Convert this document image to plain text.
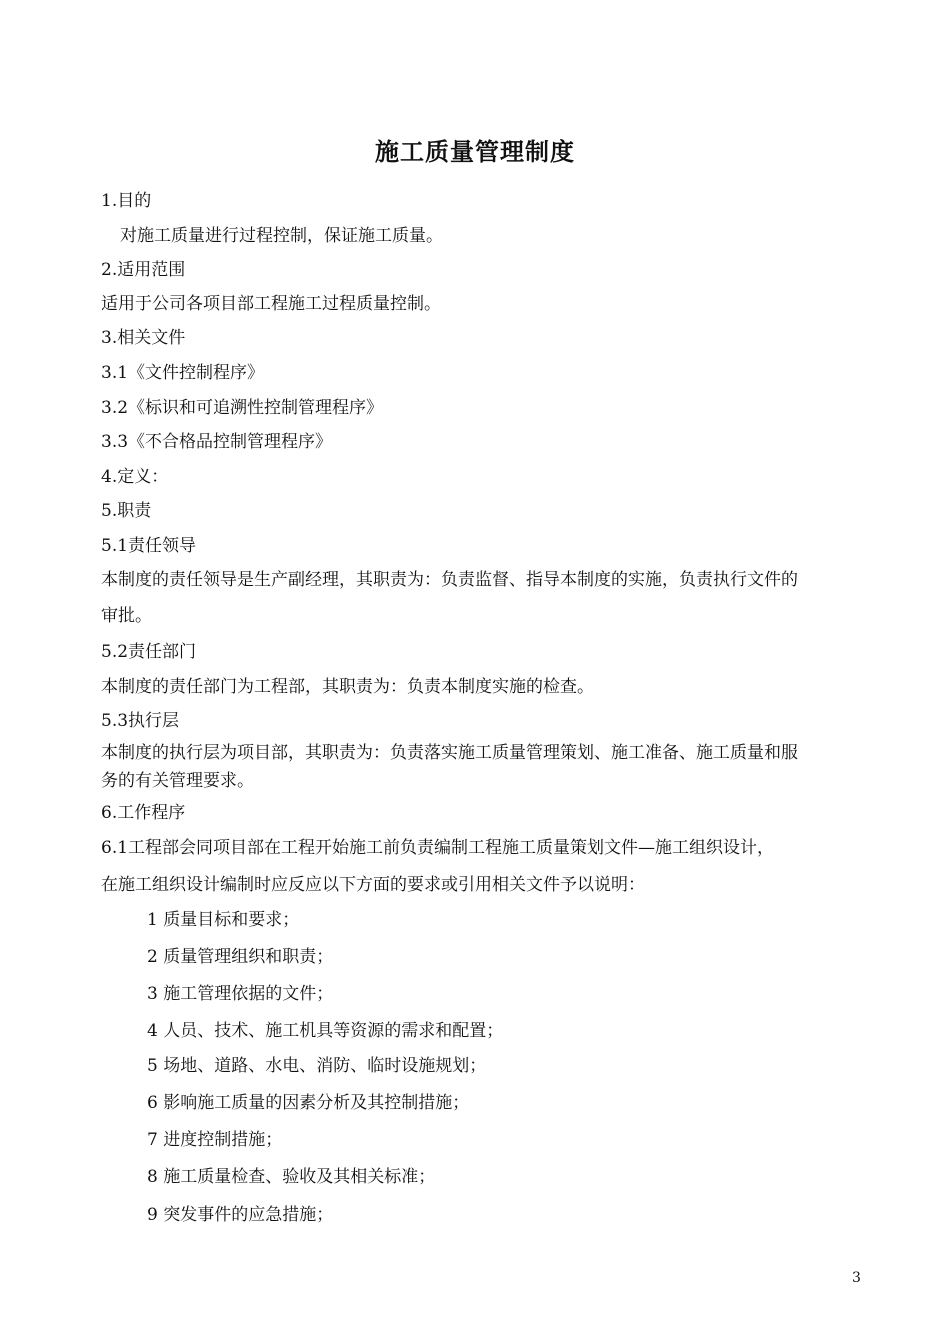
施工质量管理制度
1.目的
对施工质量进行过程控制，保证施工质量。
2.适用范围
适用于公司各项目部工程施工过程质量控制。
3.相关文件
3.1《文件控制程序》
3.2《标识和可追溯性控制管理程序》
3.3《不合格品控制管理程序》
4.定义：
5.职责
5.1责任领导
本制度的责任领导是生产副经理，其职责为：负责监督、指导本制度的实施，负责执行文件的
审批。
5.2责任部门
本制度的责任部门为工程部，其职责为：负责本制度实施的检查。
5.3执行层
本制度的执行层为项目部，其职责为：负责落实施工质量管理策划、施工准备、施工质量和服
务的有关管理要求。
6.工作程序
6.1工程部会同项目部在工程开始施工前负责编制工程施工质量策划文件—施工组织设计，
在施工组织设计编制时应反应以下方面的要求或引用相关文件予以说明：
1 质量目标和要求；
2 质量管理组织和职责；
3 施工管理依据的文件；
4 人员、技术、施工机具等资源的需求和配置；
5 场地、道路、水电、消防、临时设施规划；
6 影响施工质量的因素分析及其控制措施；
7 进度控制措施；
8 施工质量检查、验收及其相关标准；
9 突发事件的应急措施；
3
